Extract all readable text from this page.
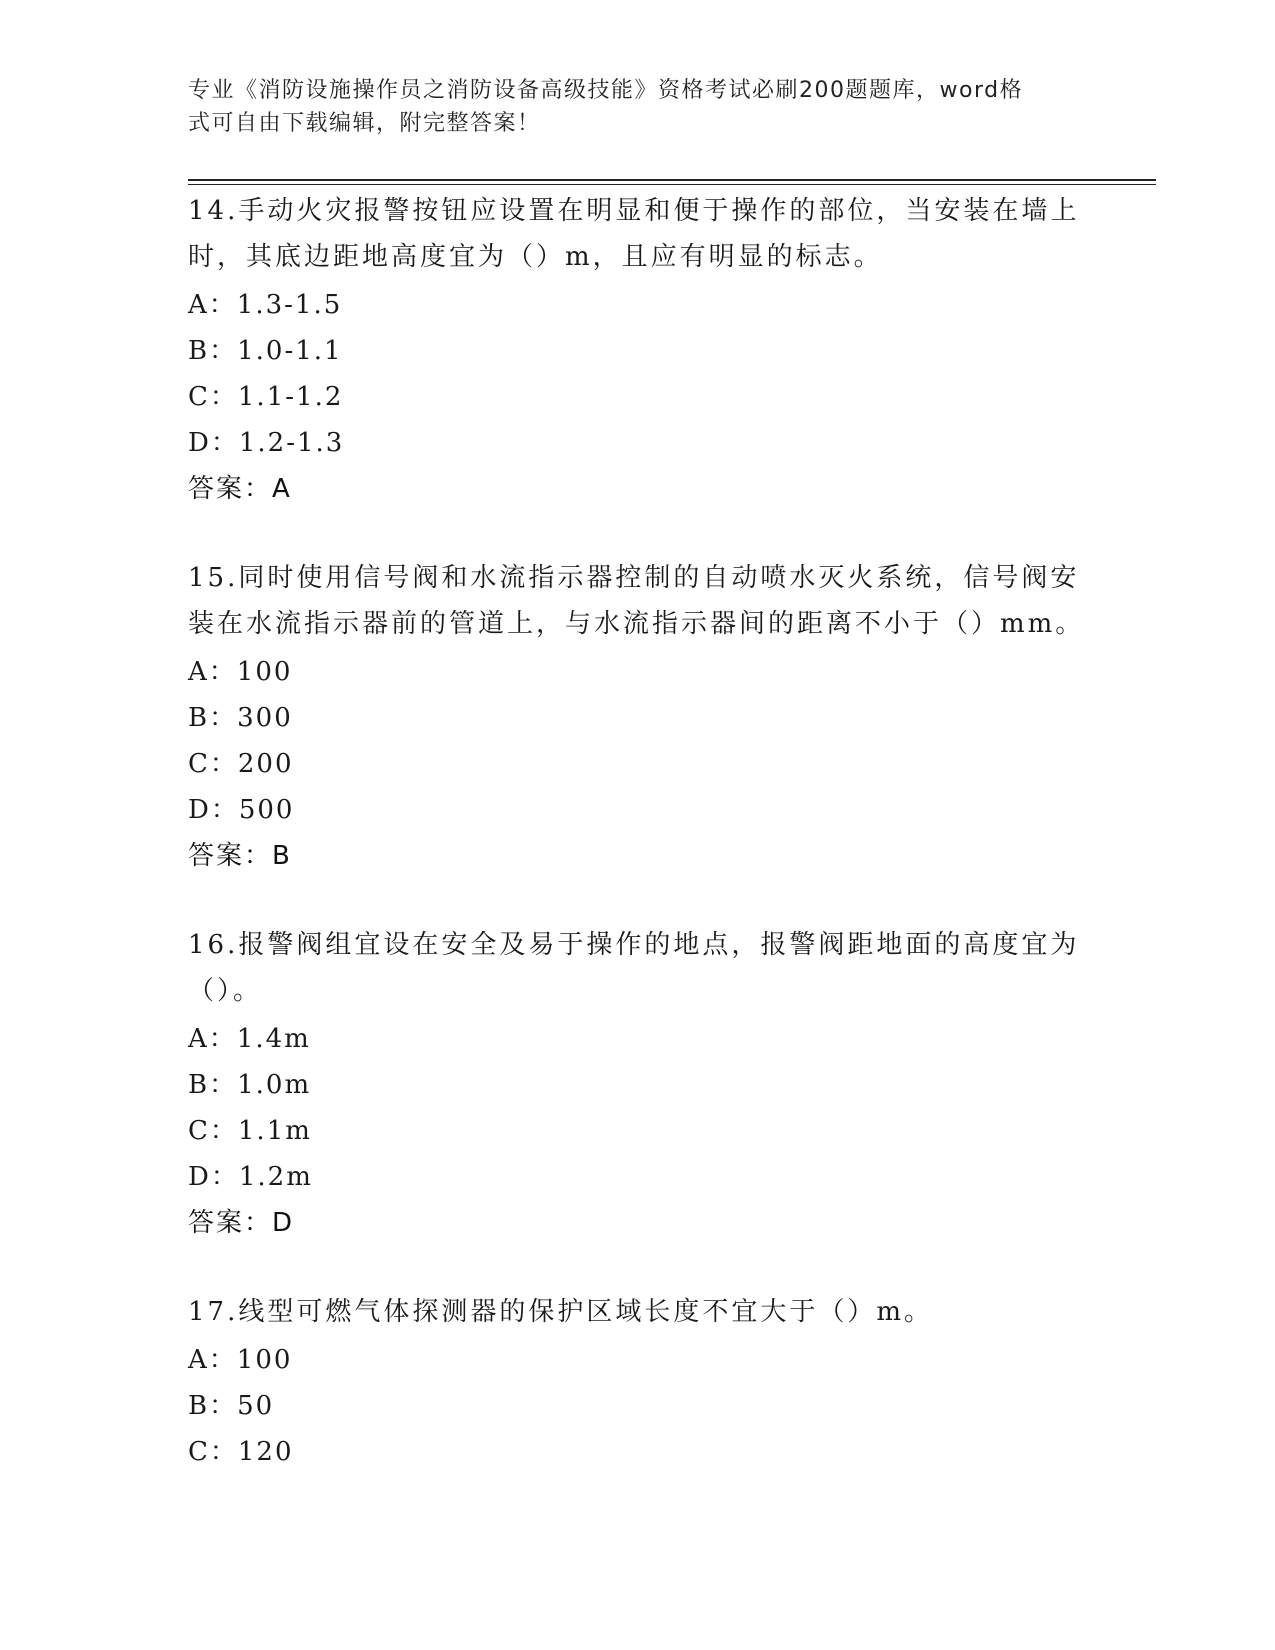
专业《消防设施操作员之消防设备高级技能》资格考试必刷200题题库，word格
式可自由下载编辑，附完整答案！
14.手动火灾报警按钮应设置在明显和便于操作的部位，当安装在墙上时，其底边距地高度宜为（）m，且应有明显的标志。
A：1.3-1.5
B：1.0-1.1
C：1.1-1.2
D：1.2-1.3
答案：A
15.同时使用信号阀和水流指示器控制的自动喷水灭火系统，信号阀安装在水流指示器前的管道上，与水流指示器间的距离不小于（）mm。
A：100
B：300
C：200
D：500
答案：B
16.报警阀组宜设在安全及易于操作的地点，报警阀距地面的高度宜为（）。
A：1.4m
B：1.0m
C：1.1m
D：1.2m
答案：D
17.线型可燃气体探测器的保护区域长度不宜大于（）m。
A：100
B：50
C：120
